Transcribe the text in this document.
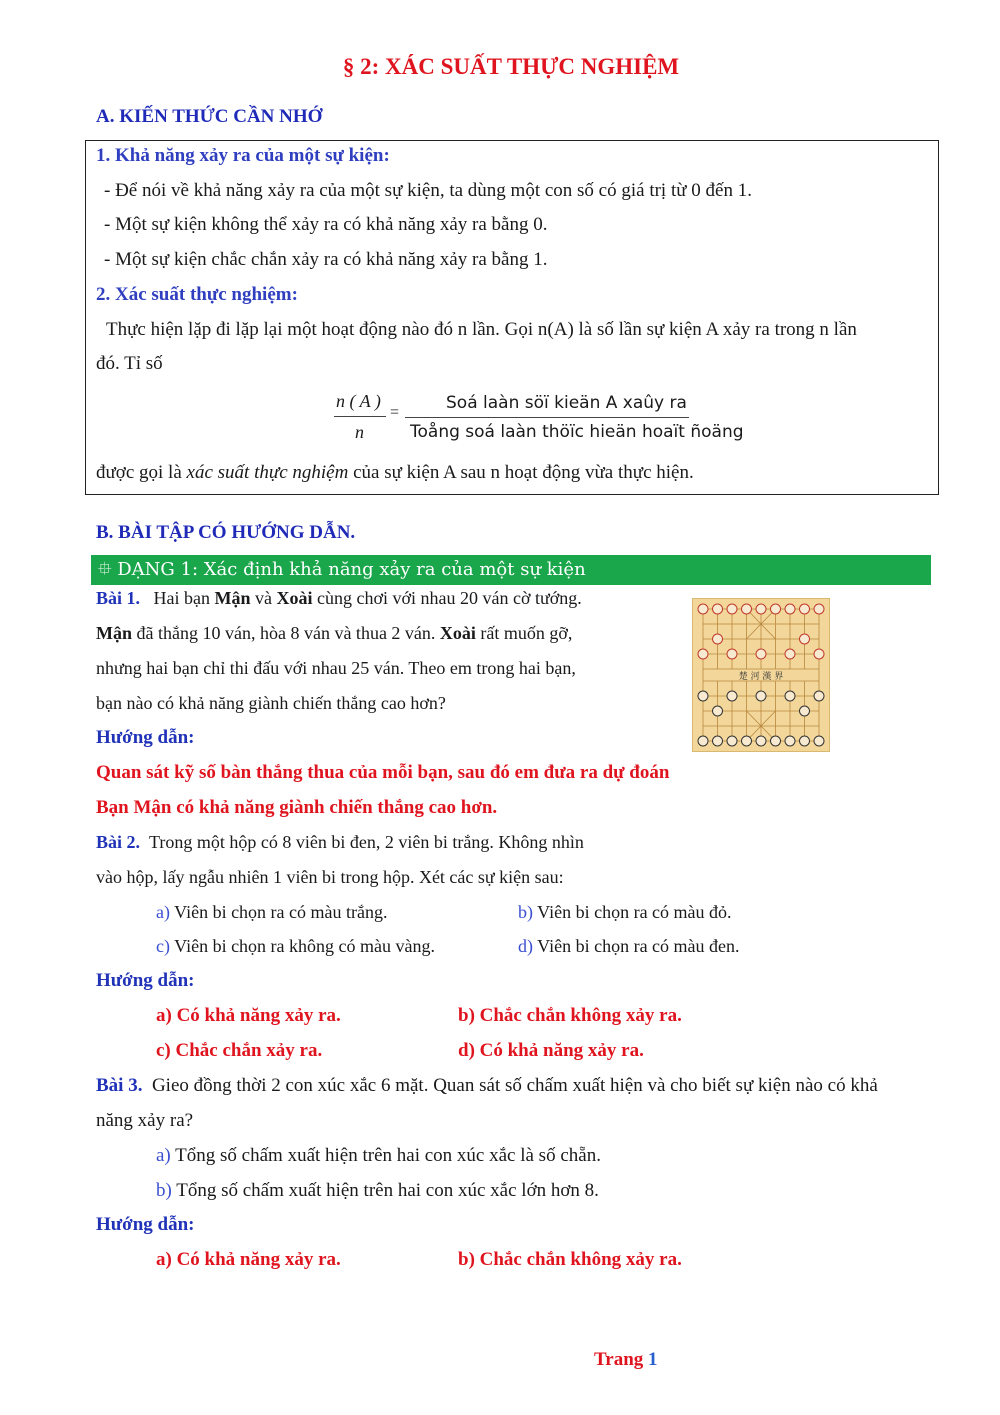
§ 2: XÁC SUẤT THỰC NGHIỆM
A. KIẾN THỨC CẦN NHỚ
1. Khả năng xảy ra của một sự kiện:
- Để nói về khả năng xảy ra của một sự kiện, ta dùng một con số có giá trị từ 0 đến 1.
- Một sự kiện không thể xảy ra có khả năng xảy ra bằng 0.
- Một sự kiện chắc chắn xảy ra có khả năng xảy ra bằng 1.
2. Xác suất thực nghiệm:
Thực hiện lặp đi lặp lại một hoạt động nào đó n lần. Gọi n(A) là số lần sự kiện A xảy ra trong n lần
đó. Tỉ số
n ( A )
n
=	Soá laàn söï kieän A xaûy ra
Toång soá laàn thöïc hieän hoaït ñoäng
được gọi là xác suất thực nghiệm của sự kiện A sau n hoạt động vừa thực hiện.
B. BÀI TẬP CÓ HƯỚNG DẪN.
⯐ DẠNG 1: Xác định khả năng xảy ra của một sự kiện
Bài 1. Hai bạn Mận và Xoài cùng chơi với nhau 20 ván cờ tướng.
Mận đã thắng 10 ván, hòa 8 ván và thua 2 ván. Xoài rất muốn gỡ,
nhưng hai bạn chỉ thi đấu với nhau 25 ván. Theo em trong hai bạn,
bạn nào có khả năng giành chiến thắng cao hơn?
Hướng dẫn:
Quan sát kỹ số bàn thắng thua của mỗi bạn, sau đó em đưa ra dự đoán
Bạn Mận có khả năng giành chiến thắng cao hơn.
楚 河 漢 界
Bài 2. Trong một hộp có 8 viên bi đen, 2 viên bi trắng. Không nhìn
vào hộp, lấy ngẫu nhiên 1 viên bi trong hộp. Xét các sự kiện sau:
a) Viên bi chọn ra có màu trắng.	b) Viên bi chọn ra có màu đỏ.
c) Viên bi chọn ra không có màu vàng.	d) Viên bi chọn ra có màu đen.
Hướng dẫn:
a) Có khả năng xảy ra.	b) Chắc chắn không xảy ra.
c) Chắc chắn xảy ra.	d) Có khả năng xảy ra.
Bài 3. Gieo đồng thời 2 con xúc xắc 6 mặt. Quan sát số chấm xuất hiện và cho biết sự kiện nào có khả
năng xảy ra?
a) Tổng số chấm xuất hiện trên hai con xúc xắc là số chẵn.
b) Tổng số chấm xuất hiện trên hai con xúc xắc lớn hơn 8.
Hướng dẫn:
a) Có khả năng xảy ra.	b) Chắc chắn không xảy ra.
Trang 1
